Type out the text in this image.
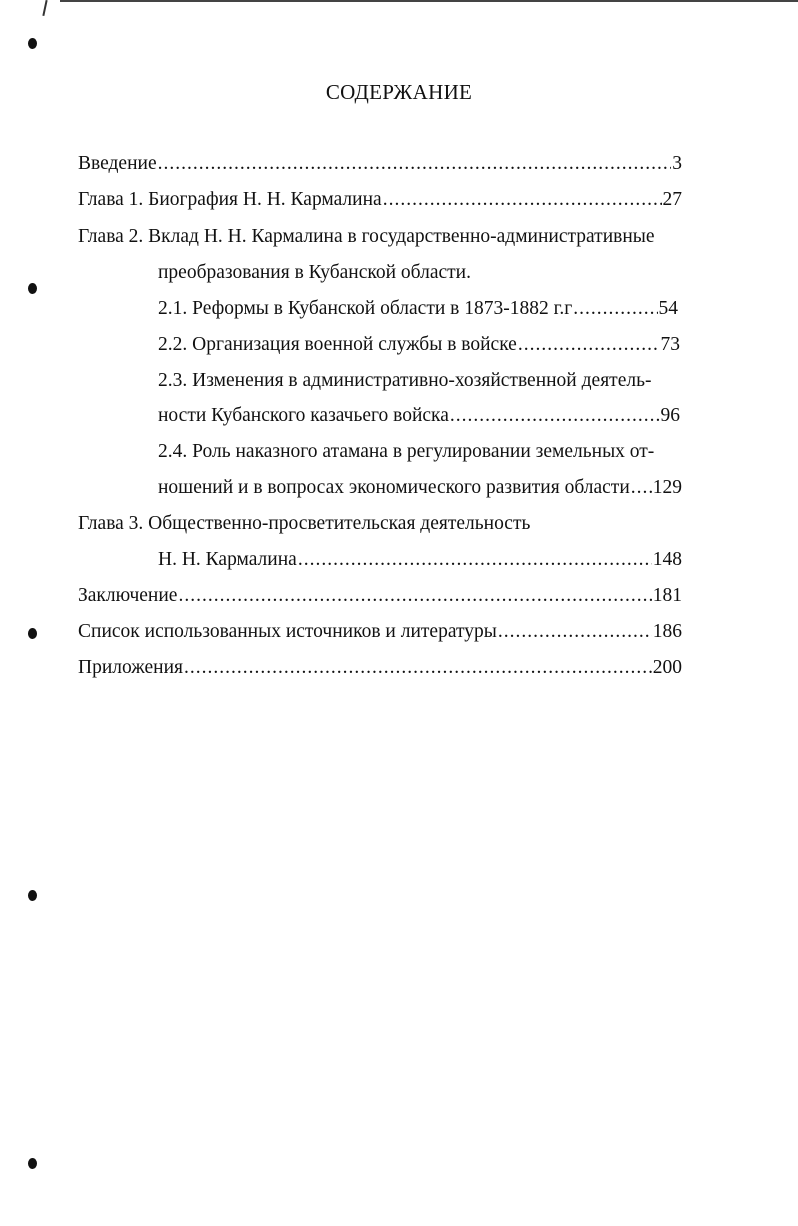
СОДЕРЖАНИЕ
Введение .....	3
Глава 1. Биография Н. Н. Кармалина .....	27
Глава 2. Вклад Н. Н. Кармалина в государственно-административные
преобразования в Кубанской области.
2.1. Реформы в Кубанской области в 1873-1882 г.г .....	54
2.2. Организация военной службы в войске .....	73
2.3. Изменения в административно-хозяйственной деятель-
ности Кубанского казачьего войска .....	96
2.4. Роль наказного атамана в регулировании земельных от-
ношений и в вопросах экономического развития области ..... 129
Глава 3. Общественно-просветительская деятельность
Н. Н. Кармалина .....	148
Заключение .....	181
Список использованных источников и литературы .....	186
Приложения .....	200
